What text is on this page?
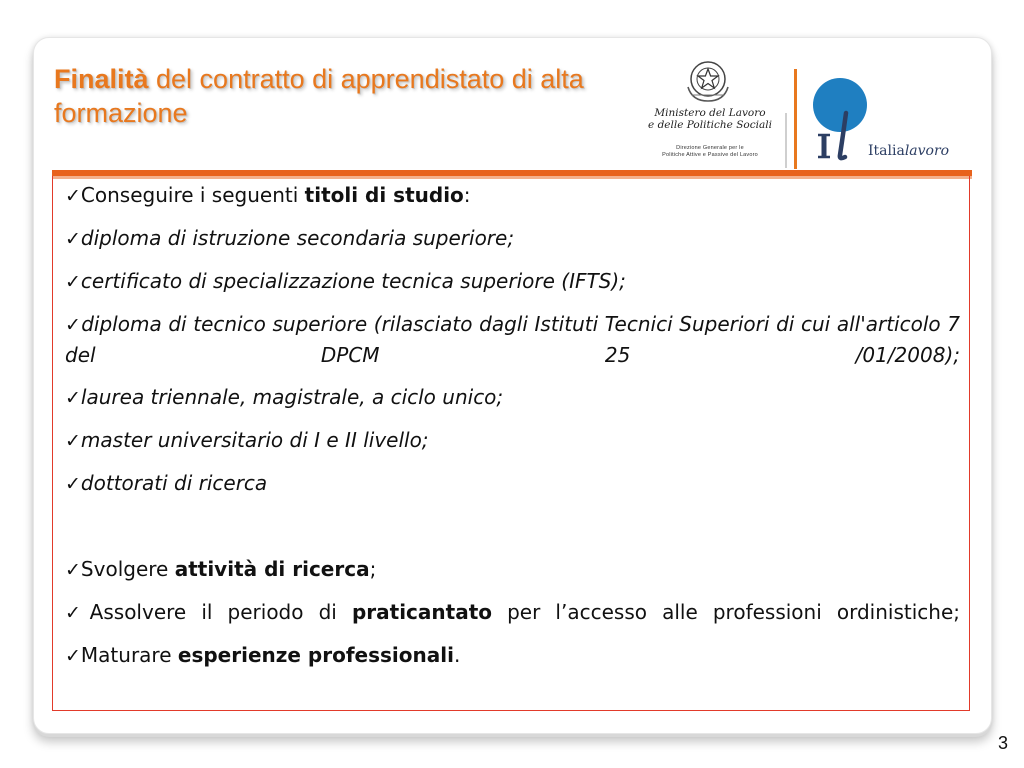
Finalità del contratto di apprendistato di alta formazione	Ministero del Lavoro
e delle Politiche Sociali
Direzione Generale per le
Politiche Attive e Passive del Lavoro	Italialavoro

✓Conseguire i seguenti titoli di studio:

✓diploma di istruzione secondaria superiore;

✓certificato di specializzazione tecnica superiore (IFTS);

✓diploma di tecnico superiore (rilasciato dagli Istituti Tecnici Superiori di cui all'articolo 7 del DPCM 25 /01/2008);

✓laurea triennale, magistrale, a ciclo unico;

✓master universitario di I e II livello;

✓dottorati di ricerca

✓Svolgere attività di ricerca;

✓Assolvere il periodo di praticantato per l’accesso alle professioni ordinistiche;

✓Maturare esperienze professionali.

3
